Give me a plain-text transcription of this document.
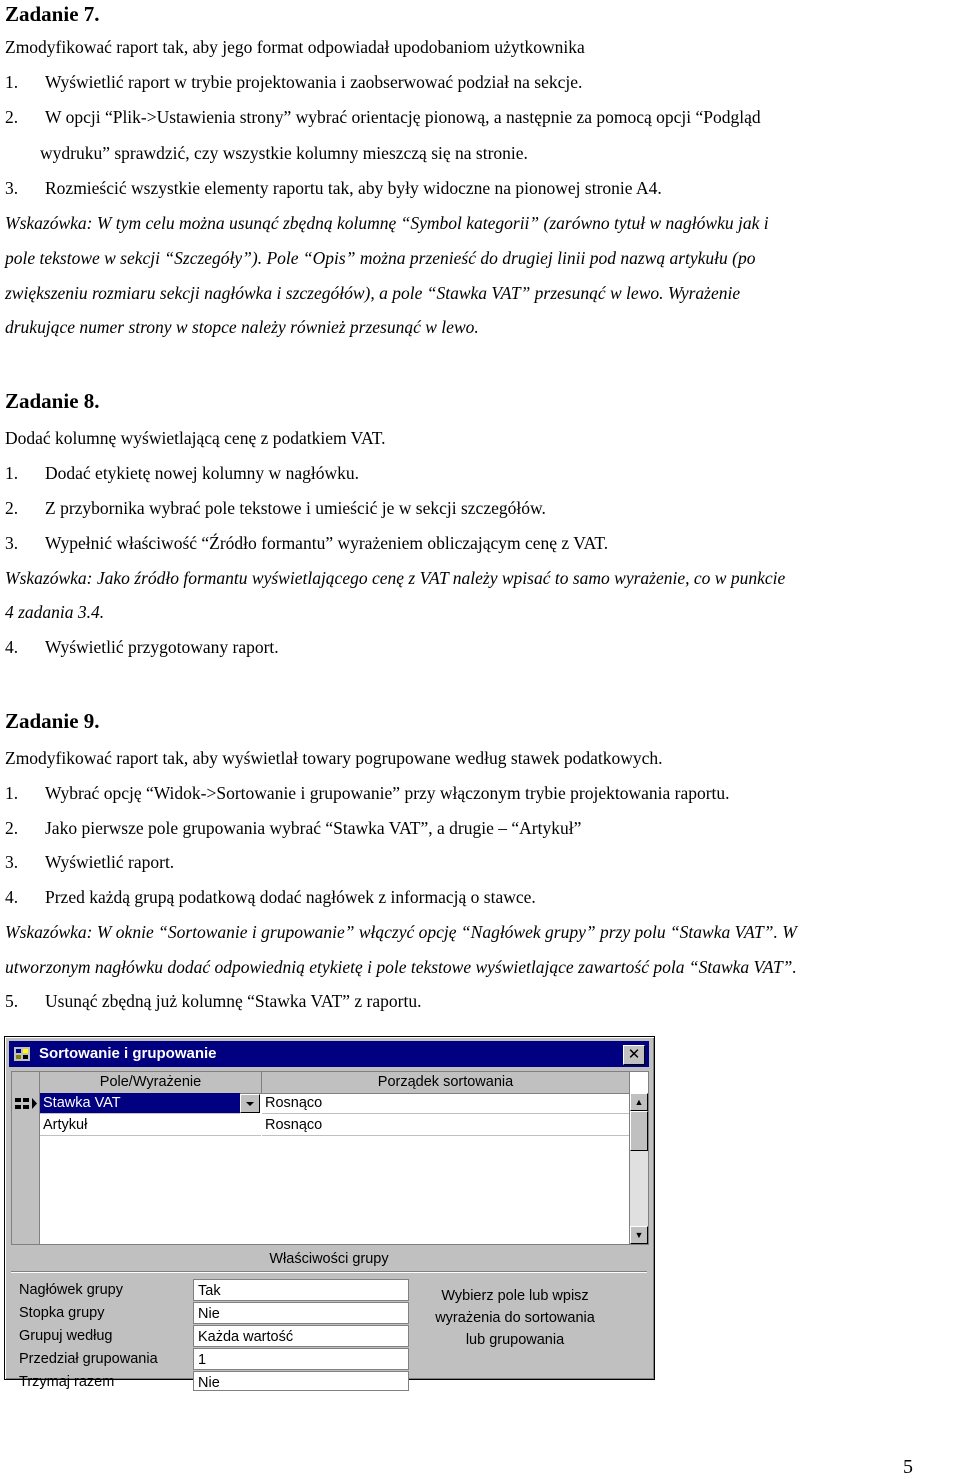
Zadanie 7.
Zmodyfikować raport tak, aby jego format odpowiadał upodobaniom użytkownika
1. Wyświetlić raport w trybie projektowania i zaobserwować podział na sekcje.
2. W opcji “Plik->Ustawienia strony” wybrać orientację pionową, a następnie za pomocą opcji “Podgląd
wydruku” sprawdzić, czy wszystkie kolumny mieszczą się na stronie.
3. Rozmieścić wszystkie elementy raportu tak, aby były widoczne na pionowej stronie A4.
Wskazówka: W tym celu można usunąć zbędną kolumnę “Symbol kategorii” (zarówno tytuł w nagłówku jak i
pole tekstowe w sekcji “Szczegóły”). Pole “Opis” można przenieść do drugiej linii pod nazwą artykułu (po
zwiększeniu rozmiaru sekcji nagłówka i szczegółów), a pole “Stawka VAT” przesunąć w lewo. Wyrażenie
drukujące numer strony w stopce należy również przesunąć w lewo.
Zadanie 8.
Dodać kolumnę wyświetlającą cenę z podatkiem VAT.
1. Dodać etykietę nowej kolumny w nagłówku.
2. Z przybornika wybrać pole tekstowe i umieścić je w sekcji szczegółów.
3. Wypełnić właściwość “Źródło formantu” wyrażeniem obliczającym cenę z VAT.
Wskazówka: Jako źródło formantu wyświetlającego cenę z VAT należy wpisać to samo wyrażenie, co w punkcie
4 zadania 3.4.
4. Wyświetlić przygotowany raport.
Zadanie 9.
Zmodyfikować raport tak, aby wyświetlał towary pogrupowane według stawek podatkowych.
1. Wybrać opcję “Widok->Sortowanie i grupowanie” przy włączonym trybie projektowania raportu.
2. Jako pierwsze pole grupowania wybrać “Stawka VAT”, a drugie – “Artykuł”
3. Wyświetlić raport.
4. Przed każdą grupą podatkową dodać nagłówek z informacją o stawce.
Wskazówka: W oknie “Sortowanie i grupowanie” włączyć opcję “Nagłówek grupy” przy polu “Stawka VAT”. W
utworzonym nagłówku dodać odpowiednią etykietę i pole tekstowe wyświetlające zawartość pola “Stawka VAT”.
5. Usunąć zbędną już kolumnę “Stawka VAT” z raportu.
Sortowanie i grupowanie	✕
Pole/Wyrażenie	Porządek sortowania
Stawka VAT	Rosnąco
Artykuł	Rosnąco
▲
▼
Właściwości grupy
Nagłówek grupy	Tak
Stopka grupy	Nie
Grupuj według	Każda wartość
Przedział grupowania	1
Trzymaj razem	Nie
Wybierz pole lub wpisz
wyrażenia do sortowania
lub grupowania
5
